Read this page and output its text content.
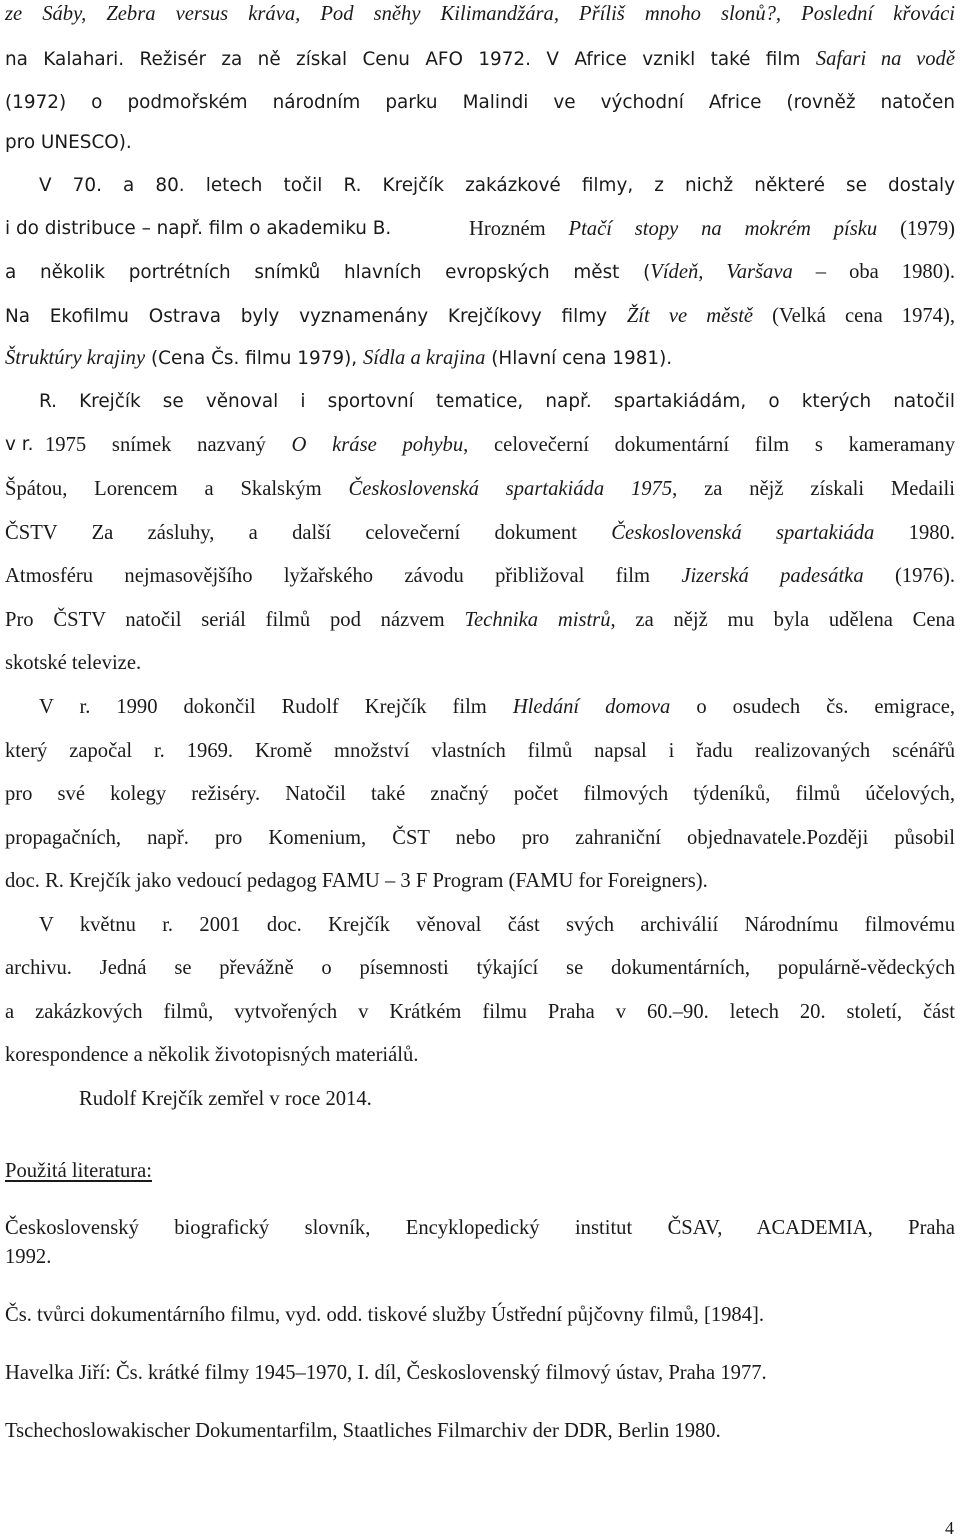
ze Sáby, Zebra versus kráva, Pod sněhy Kilimandžára, Příliš mnoho slonů?, Poslední křováci
na Kalahari. Režisér za ně získal Cenu AFO 1972. V Africe vznikl také film Safari na vodě
(1972) o podmořském národním parku Malindi ve východní Africe (rovněž natočen
pro UNESCO).
V 70. a 80. letech točil R. Krejčík zakázkové filmy, z nichž některé se dostaly
i do distribuce – např. film o akademiku B.	Hrozném Ptačí stopy na mokrém písku (1979)
a několik portrétních snímků hlavních evropských měst (Vídeň, Varšava – oba 1980).
Na Ekofilmu Ostrava byly vyznamenány Krejčíkovy filmy Žít ve městě (Velká cena 1974),
Štruktúry krajiny (Cena Čs. filmu 1979), Sídla a krajina (Hlavní cena 1981).
R. Krejčík se věnoval i sportovní tematice, např. spartakiádám, o kterých natočil
v r. 1975 snímek nazvaný O kráse pohybu, celovečerní dokumentární film s kameramany
Špátou, Lorencem a Skalským Československá spartakiáda 1975, za nějž získali Medaili
ČSTV Za zásluhy, a další celovečerní dokument Československá spartakiáda 1980.
Atmosféru nejmasovějšího lyžařského závodu přibližoval film Jizerská padesátka (1976).
Pro ČSTV natočil seriál filmů pod názvem Technika mistrů, za nějž mu byla udělena Cena
skotské televize.
V r. 1990 dokončil Rudolf Krejčík film Hledání domova o osudech čs. emigrace,
který započal r. 1969. Kromě množství vlastních filmů napsal i řadu realizovaných scénářů
pro své kolegy režiséry. Natočil také značný počet filmových týdeníků, filmů účelových,
propagačních, např. pro Komenium, ČST nebo pro zahraniční objednavatele.Později působil
doc. R. Krejčík jako vedoucí pedagog FAMU – 3 F Program (FAMU for Foreigners).
V květnu r. 2001 doc. Krejčík věnoval část svých archiválií Národnímu filmovému
archivu. Jedná se převážně o písemnosti týkající se dokumentárních, populárně-vědeckých
a zakázkových filmů, vytvořených v Krátkém filmu Praha v 60.–90. letech 20. století, část
korespondence a několik životopisných materiálů.
Rudolf Krejčík zemřel v roce 2014.
Použitá literatura:
Československý biografický slovník, Encyklopedický institut ČSAV, ACADEMIA, Praha
1992.
Čs. tvůrci dokumentárního filmu, vyd. odd. tiskové služby Ústřední půjčovny filmů, [1984].
Havelka Jiří: Čs. krátké filmy 1945–1970, I. díl, Československý filmový ústav, Praha 1977.
Tschechoslowakischer Dokumentarfilm, Staatliches Filmarchiv der DDR, Berlin 1980.
4
